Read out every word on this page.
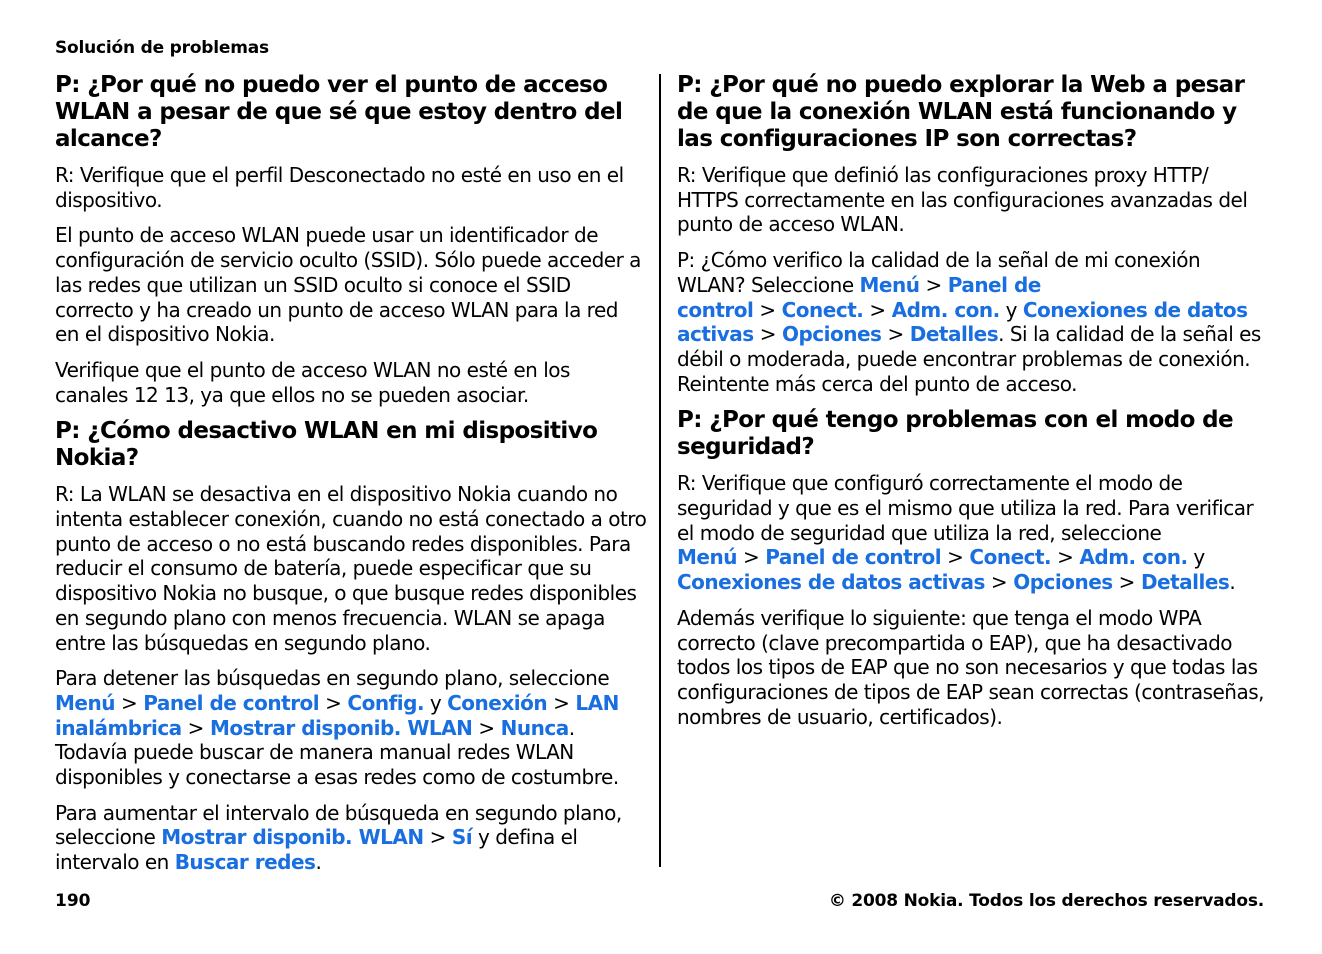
Solución de problemas
P: ¿Por qué no puedo ver el punto de acceso WLAN a pesar de que sé que estoy dentro del alcance?

R: Verifique que el perfil Desconectado no esté en uso en el dispositivo.

El punto de acceso WLAN puede usar un identificador de configuración de servicio oculto (SSID). Sólo puede acceder a las redes que utilizan un SSID oculto si conoce el SSID correcto y ha creado un punto de acceso WLAN para la red en el dispositivo Nokia.

Verifique que el punto de acceso WLAN no esté en los canales 12 13, ya que ellos no se pueden asociar.

P: ¿Cómo desactivo WLAN en mi dispositivo Nokia?

R: La WLAN se desactiva en el dispositivo Nokia cuando no intenta establecer conexión, cuando no está conectado a otro punto de acceso o no está buscando redes disponibles. Para reducir el consumo de batería, puede especificar que su dispositivo Nokia no busque, o que busque redes disponibles en segundo plano con menos frecuencia. WLAN se apaga entre las búsquedas en segundo plano.

Para detener las búsquedas en segundo plano, seleccione Menú > Panel de control > Config. y Conexión > LAN inalámbrica > Mostrar disponib. WLAN > Nunca. Todavía puede buscar de manera manual redes WLAN disponibles y conectarse a esas redes como de costumbre.

Para aumentar el intervalo de búsqueda en segundo plano, seleccione Mostrar disponib. WLAN > Sí y defina el intervalo en Buscar redes.

P: ¿Por qué no puedo explorar la Web a pesar de que la conexión WLAN está funcionando y las configuraciones IP son correctas?

R: Verifique que definió las configuraciones proxy HTTP/ HTTPS correctamente en las configuraciones avanzadas del punto de acceso WLAN.

P: ¿Cómo verifico la calidad de la señal de mi conexión WLAN? Seleccione Menú > Panel de control > Conect. > Adm. con. y Conexiones de datos activas > Opciones > Detalles. Si la calidad de la señal es débil o moderada, puede encontrar problemas de conexión. Reintente más cerca del punto de acceso.

P: ¿Por qué tengo problemas con el modo de seguridad?

R: Verifique que configuró correctamente el modo de seguridad y que es el mismo que utiliza la red. Para verificar el modo de seguridad que utiliza la red, seleccione Menú > Panel de control > Conect. > Adm. con. y Conexiones de datos activas > Opciones > Detalles.

Además verifique lo siguiente: que tenga el modo WPA correcto (clave precompartida o EAP), que ha desactivado todos los tipos de EAP que no son necesarios y que todas las configuraciones de tipos de EAP sean correctas (contraseñas, nombres de usuario, certificados).

190	© 2008 Nokia. Todos los derechos reservados.
